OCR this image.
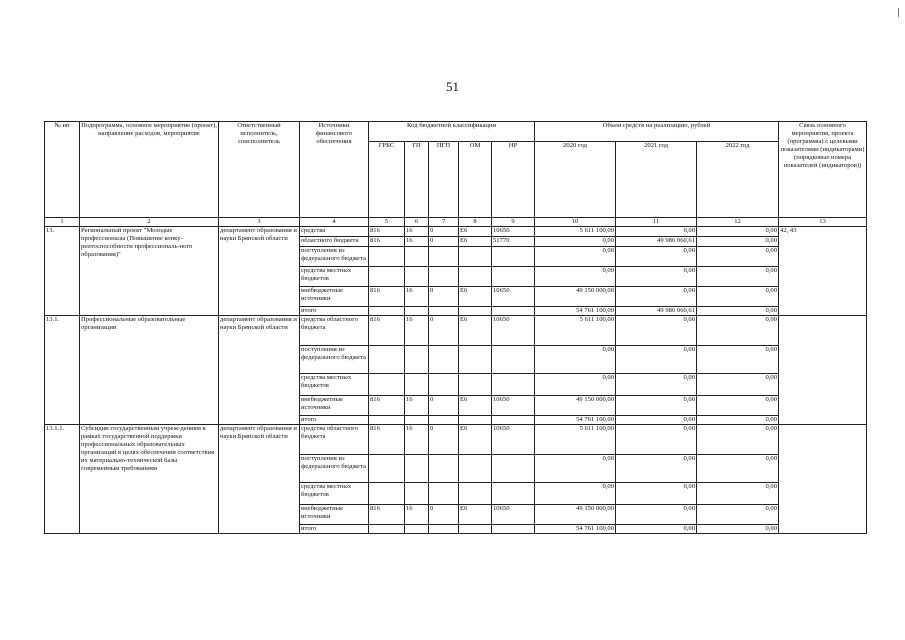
51
№ пп	Подпрограмма, основное мероприятие (проект), направление расходов, мероприятие	Ответственный исполнитель, соисполнитель	Источники финансового обеспечения	Код бюджетной классификации					Объем средств на реализацию, рублей			Связь основного мероприятия, проекта (программы) с целевыми показателями (индикаторами) (порядковые номера показателей (индикаторов))
				ГРБС	ГП	ПГП	ОМ	НР	2020 год	2021 год	2022 год	
1	2	3	4	5	6	7	8	9	10	11	12	13
13.	Региональный проект "Молодые профессионалы (Повышение конку-рентоспособности профессиональ-ного образования)"	департамент образования и науки Брянской области	средства	816	16	0	Е6	10650	5 611 100,00	0,00	0,00	42, 43
			областного бюджета	816	16	0	Е6	51770	0,00	49 986 060,61	0,00	
			поступления из федерального бюджета						0,00	0,00	0,00	
			средства местных бюджетов						0,00	0,00	0,00	
			внебюджетные источники	816	16	0	Е6	10650	49 150 000,00	0,00	0,00	
			итого						54 761 100,00	49 986 060,61	0,00	
13.1.	Профессиональные образовательные организации	департамент образования и науки Брянской области	средства областного бюджета	816	16	0	Е6	10650	5 611 100,00	0,00	0,00	
			поступления из федерального бюджета						0,00	0,00	0,00	
			средства местных бюджетов						0,00	0,00	0,00	
			внебюджетные источники	816	16	0	Е6	10650	49 150 000,00	0,00	0,00	
			итого						54 761 100,00	0,00	0,00	
13.1.1.	Субсидии государственным учреж-дениям в рамках государственной поддержки профессиональных образовательных организаций в целях обеспечения соответствия их материально-технической базы современным требованиям	департамент образования и науки Брянской области	средства областного бюджета	816	16	0	Е6	10650	5 611 100,00	0,00	0,00	
			поступления из федерального бюджета						0,00	0,00	0,00	
			средства местных бюджетов						0,00	0,00	0,00	
			внебюджетные источники	816	16	0	Е6	10650	49 150 000,00	0,00	0,00	
			итого						54 761 100,00	0,00	0,00	
